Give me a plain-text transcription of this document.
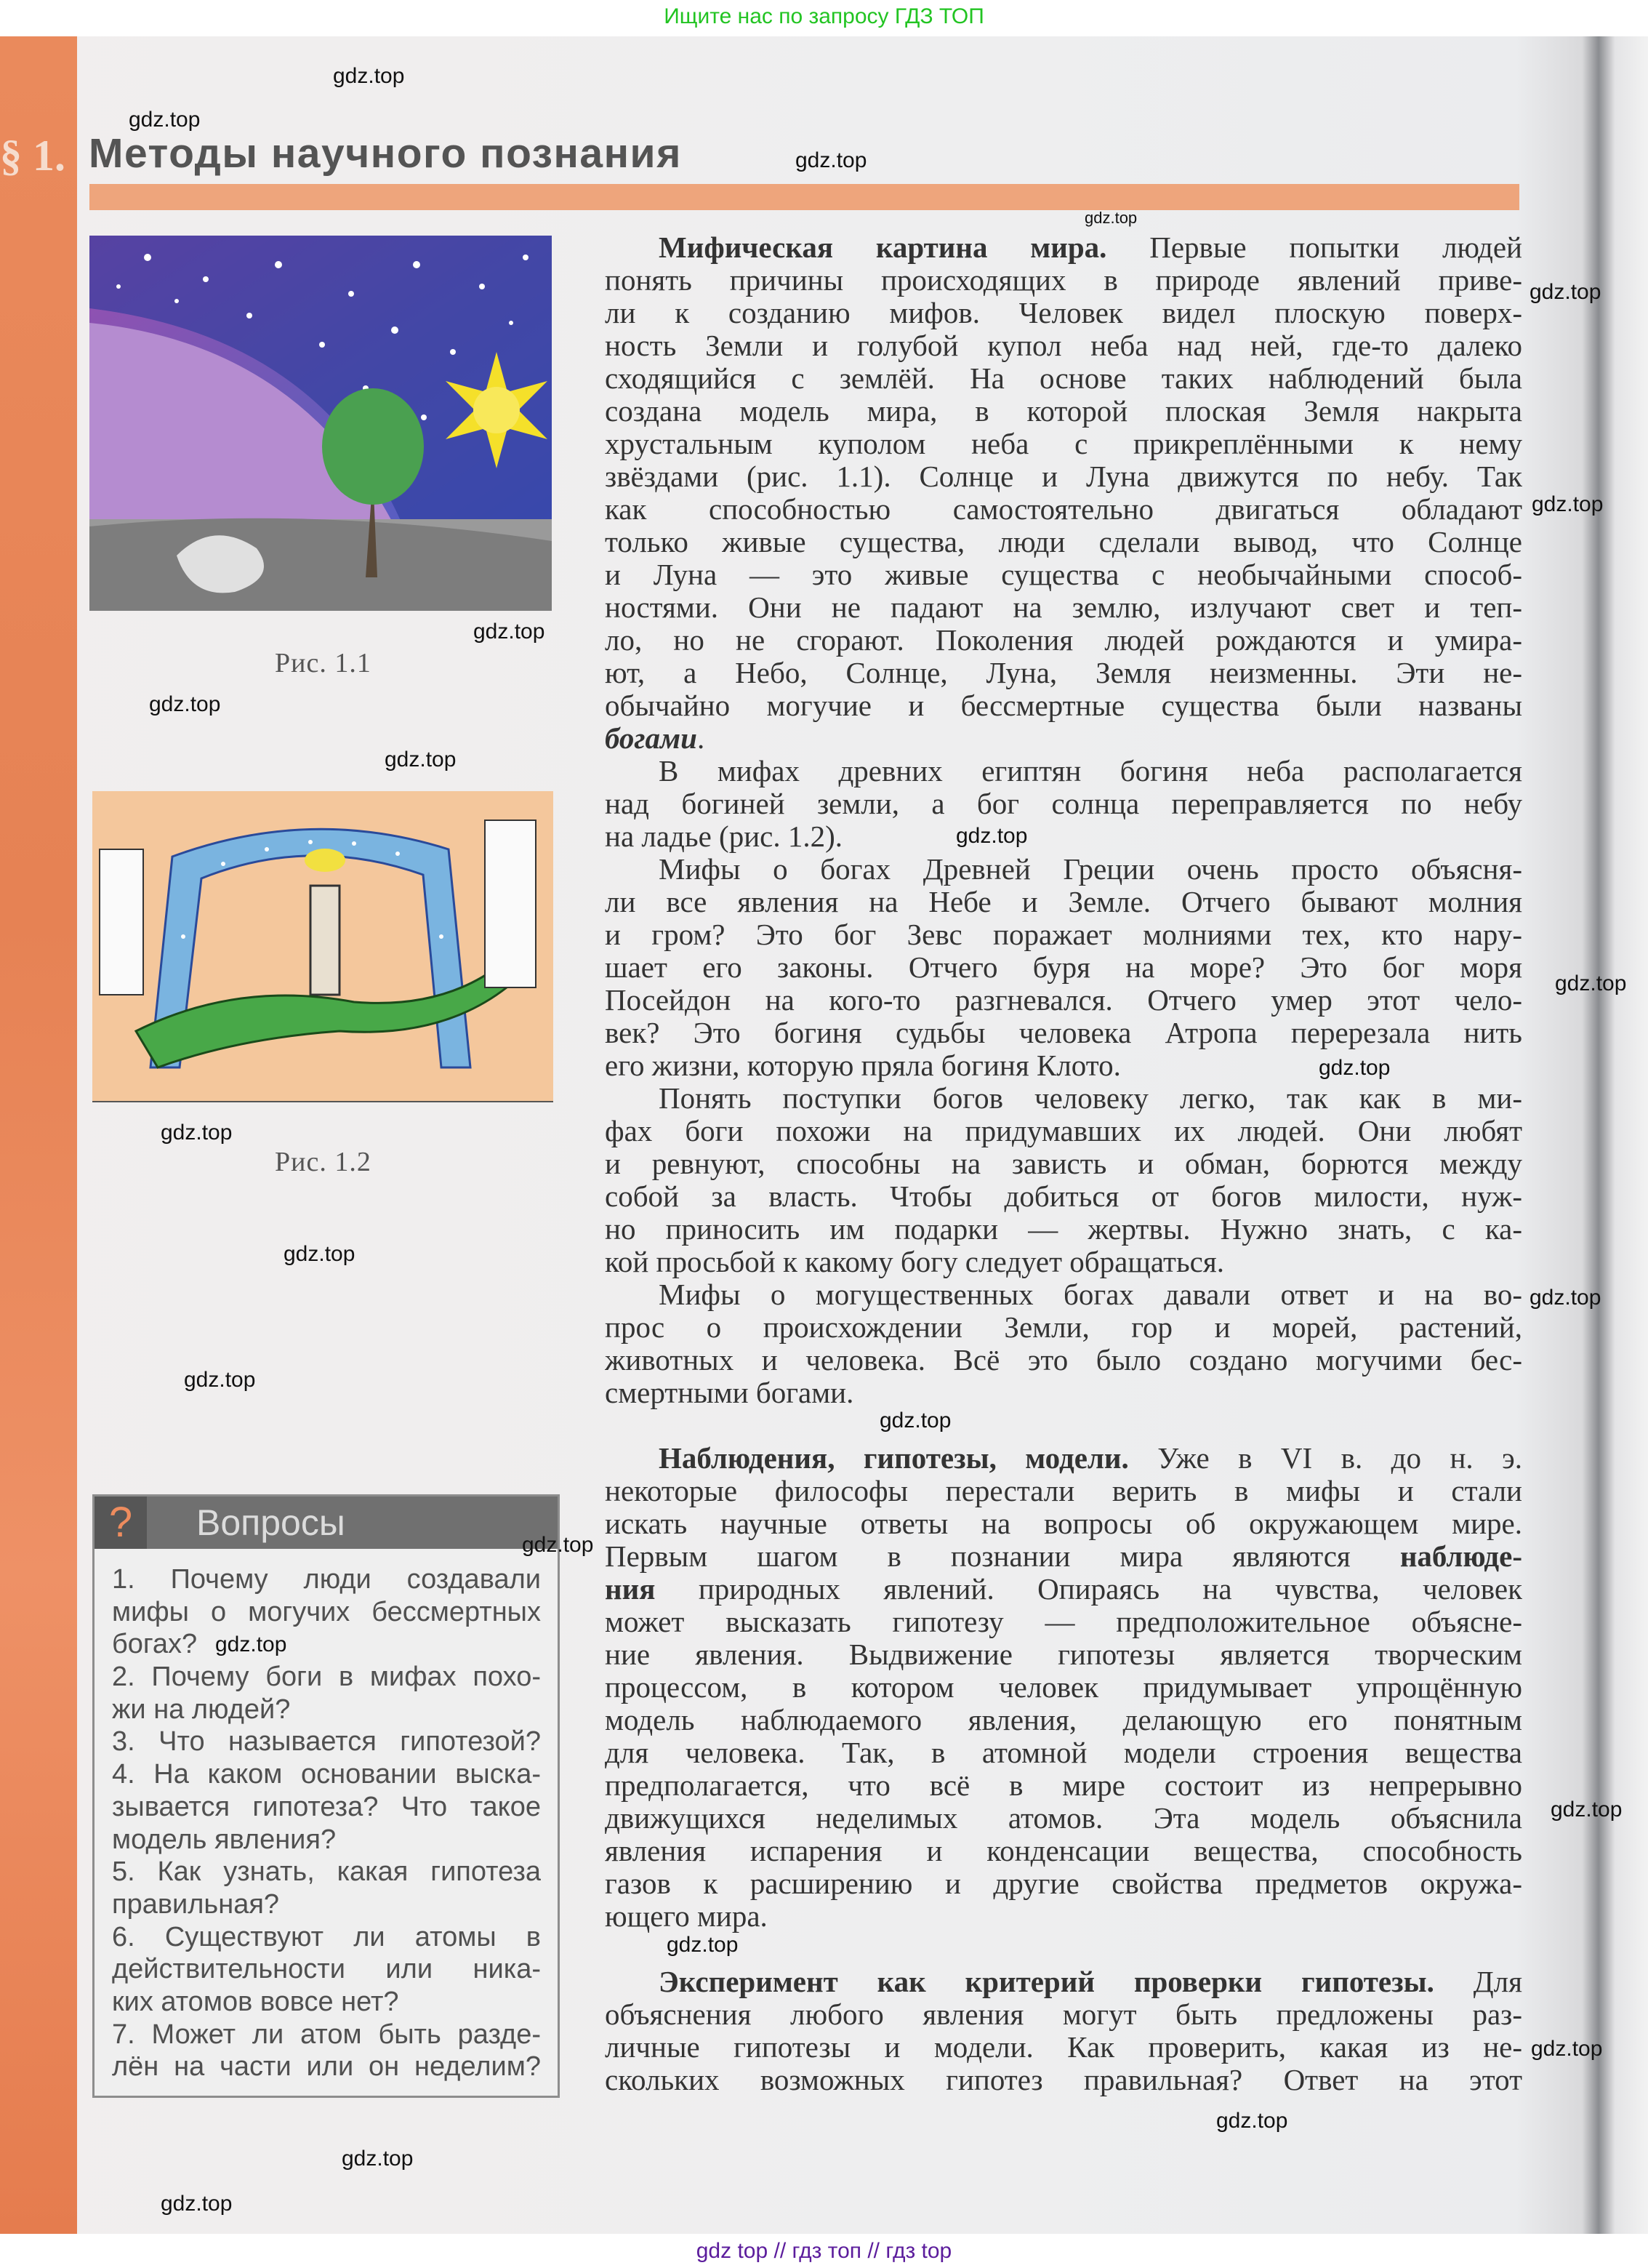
Ищите нас по запросу ГДЗ ТОП
§ 1. Методы научного познания
Рис. 1.1
Рис. 1.2
Мифическая картина мира. Первые попытки людей
понять причины происходящих в природе явлений приве-
ли к созданию мифов. Человек видел плоскую поверх-
ность Земли и голубой купол неба над ней, где-то далеко
сходящийся с землёй. На основе таких наблюдений была
создана модель мира, в которой плоская Земля накрыта
хрустальным куполом неба с прикреплёнными к нему
звёздами (рис. 1.1). Солнце и Луна движутся по небу. Так
как способностью самостоятельно двигаться обладают
только живые существа, люди сделали вывод, что Солнце
и Луна — это живые существа с необычайными способ-
ностями. Они не падают на землю, излучают свет и теп-
ло, но не сгорают. Поколения людей рождаются и умира-
ют, а Небо, Солнце, Луна, Земля неизменны. Эти не-
обычайно могучие и бессмертные существа были названы
богами.
В мифах древних египтян богиня неба располагается
над богиней земли, а бог солнца переправляется по небу
на ладье (рис. 1.2).
Мифы о богах Древней Греции очень просто объясня-
ли все явления на Небе и Земле. Отчего бывают молния
и гром? Это бог Зевс поражает молниями тех, кто нару-
шает его законы. Отчего буря на море? Это бог моря
Посейдон на кого-то разгневался. Отчего умер этот чело-
век? Это богиня судьбы человека Атропа перерезала нить
его жизни, которую пряла богиня Клото.
Понять поступки богов человеку легко, так как в ми-
фах боги похожи на придумавших их людей. Они любят
и ревнуют, способны на зависть и обман, борются между
собой за власть. Чтобы добиться от богов милости, нуж-
но приносить им подарки — жертвы. Нужно знать, с ка-
кой просьбой к какому богу следует обращаться.
Мифы о могущественных богах давали ответ и на во-
прос о происхождении Земли, гор и морей, растений,
животных и человека. Всё это было создано могучими бес-
смертными богами.
Наблюдения, гипотезы, модели. Уже в VI в. до н. э.
некоторые философы перестали верить в мифы и стали
искать научные ответы на вопросы об окружающем мире.
Первым шагом в познании мира являются наблюде-
ния природных явлений. Опираясь на чувства, человек
может высказать гипотезу — предположительное объясне-
ние явления. Выдвижение гипотезы является творческим
процессом, в котором человек придумывает упрощённую
модель наблюдаемого явления, делающую его понятным
для человека. Так, в атомной модели строения вещества
предполагается, что всё в мире состоит из непрерывно
движущихся неделимых атомов. Эта модель объяснила
явления испарения и конденсации вещества, способность
газов к расширению и другие свойства предметов окружа-
ющего мира.
Эксперимент как критерий проверки гипотезы. Для
объяснения любого явления могут быть предложены раз-
личные гипотезы и модели. Как проверить, какая из не-
скольких возможных гипотез правильная? Ответ на этот
?	Вопросы
1. Почему люди создавали
мифы о могучих бессмертных
богах?
2. Почему боги в мифах похо-
жи на людей?
3. Что называется гипотезой?
4. На каком основании выска-
зывается гипотеза? Что такое
модель явления?
5. Как узнать, какая гипотеза
правильная?
6. Существуют ли атомы в
действительности или ника-
ких атомов вовсе нет?
7. Может ли атом быть разде-
лён на части или он неделим?
gdz top // гдз топ // гдз top
gdz.top
gdz.top
gdz.top
gdz.top
gdz.top
gdz.top
gdz.top
gdz.top
gdz.top
gdz.top
gdz.top
gdz.top
gdz.top
gdz.top
gdz.top
gdz.top
gdz.top
gdz.top
gdz.top
gdz.top
gdz.top
gdz.top
gdz.top
gdz.top
gdz.top
